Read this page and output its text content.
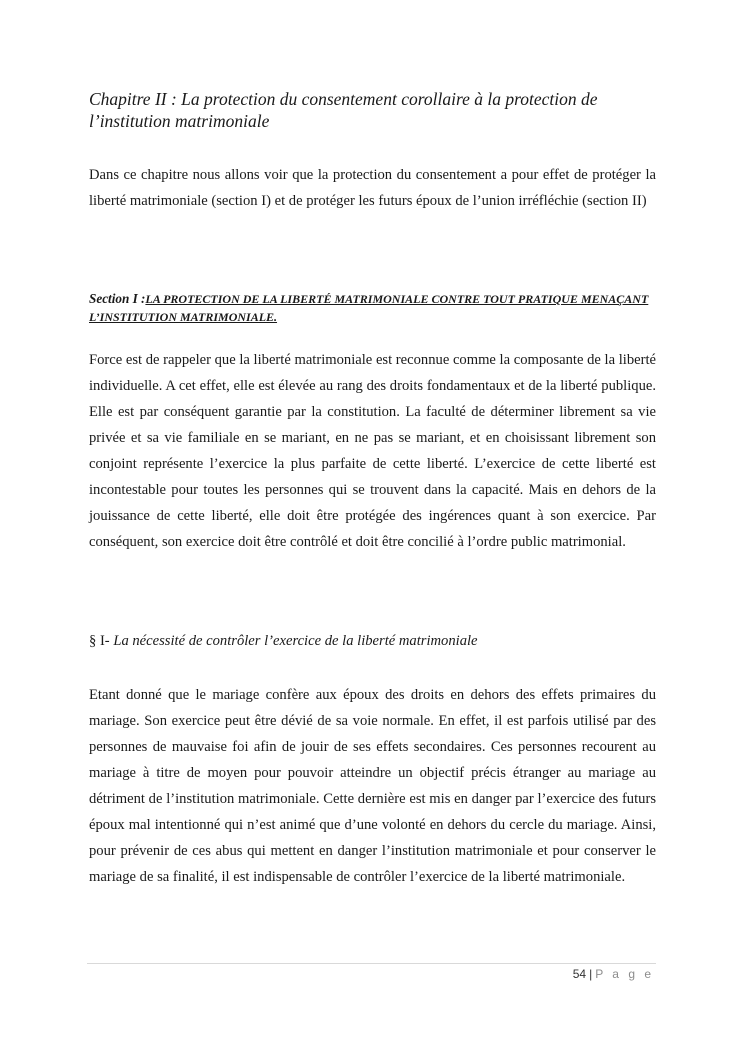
Chapitre II : La protection du consentement corollaire à la protection de l’institution matrimoniale

Dans ce chapitre nous allons voir que la protection du consentement a pour effet de protéger la liberté matrimoniale (section I) et de protéger les futurs époux de l’union irréfléchie (section II)

Section I :LA PROTECTION DE LA LIBERTÉ MATRIMONIALE CONTRE TOUT PRATIQUE MENAÇANT L’INSTITUTION MATRIMONIALE.

Force est de rappeler que la liberté matrimoniale est reconnue comme la composante de la liberté individuelle. A cet effet, elle est élevée au rang des droits fondamentaux et de la liberté publique. Elle est par conséquent garantie par la constitution. La faculté de déterminer librement sa vie privée et sa vie familiale en se mariant, en ne pas se mariant, et en choisissant librement son conjoint représente l’exercice la plus parfaite de cette liberté. L’exercice de cette liberté est incontestable pour toutes les personnes qui se trouvent dans la capacité. Mais en dehors de la jouissance de cette liberté, elle doit être protégée des ingérences quant à son exercice. Par conséquent, son exercice doit être contrôlé et doit être concilié à l’ordre public matrimonial.

§ I- La nécessité de contrôler l’exercice de la liberté matrimoniale

Etant donné que le mariage confère aux époux des droits en dehors des effets primaires du mariage. Son exercice peut être dévié de sa voie normale. En effet, il est parfois utilisé par des personnes de mauvaise foi afin de jouir de ses effets secondaires. Ces personnes recourent au mariage à titre de moyen pour pouvoir atteindre un objectif précis étranger au mariage au détriment de l’institution matrimoniale. Cette dernière est mis en danger par l’exercice des futurs époux mal intentionné qui n’est animé que d’une volonté en dehors du cercle du mariage. Ainsi, pour prévenir de ces abus qui mettent en danger l’institution matrimoniale et pour conserver le mariage de sa finalité, il est indispensable de contrôler l’exercice de la liberté matrimoniale.

54 | P a g e
